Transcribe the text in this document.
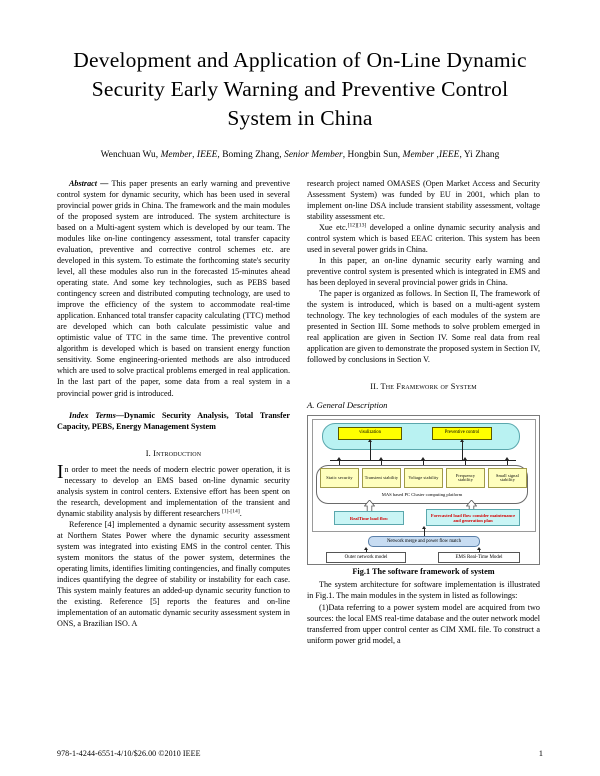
Development and Application of On-Line Dynamic Security Early Warning and Preventive Control System in China
Wenchuan Wu, Member, IEEE, Boming Zhang, Senior Member, Hongbin Sun, Member ,IEEE, Yi Zhang

Abstract — This paper presents an early warning and preventive control system for dynamic security, which has been used in several provincial power grids in China. The framework and the main modules of the proposed system are introduced. The system architecture is based on a Multi-agent system which is developed by our team. The modules like on-line contingency assessment, total transfer capacity evaluation, preventive and corrective control schemes etc. are developed in this system. To estimate the forthcoming state's security level, all these modules also run in the forecasted 15-minutes ahead operating state. And some key technologies, such as PEBS based contingency screen and distributed computing technology, are used to improve the efficiency of the system to accommodate real-time application. Enhanced total transfer capacity calculating (TTC) method are developed which can both calculate pessimistic value and optimistic value of TTC in the same time. The preventive control algorithm is developed which is based on transient energy function sensitivity. Some engineering-oriented methods are also introduced which are used to solve practical problems emerged in real application. In the last part of the paper, some data from a real system in a provincial power grid is introduced.

Index Terms—Dynamic Security Analysis, Total Transfer Capacity, PEBS, Energy Management System

I. Introduction

In order to meet the needs of modern electric power operation, it is necessary to develop an EMS based on-line dynamic security analysis system in control centers. Extensive effort has been spent on the research, development and implementation of the transient and dynamic stability analysis by different researchers [1]-[14].

Reference [4] implemented a dynamic security assessment system at Northern States Power where the dynamic security assessment system was integrated into existing EMS in the control center. This system monitors the status of the power system, determines the operating limits, identifies limiting contingencies, and finally computes indices quantifying the degree of stability or instability for each case. This system mainly features an added-up dynamic security function to the existing. Reference [5] reports the features and on-line implementation of an automatic dynamic security assessment system in ONS, a Brazilian ISO. A

research project named OMASES (Open Market Access and Security Assessment System) was funded by EU in 2001, which plan to implement on-line DSA include transient stability assessment, voltage stability assessment etc.

Xue etc.[12][13] developed a online dynamic security analysis and control system which is based EEAC criterion. This system has been used in several power grids in China.

In this paper, an on-line dynamic security early warning and preventive control system is presented which is integrated in EMS and has been deployed in several provincial power grids in China.

The paper is organized as follows. In Section II, The framework of the system is introduced, which is based on a multi-agent system technology. The key technologies of each modules of the system are presented in Section III. Some methods to solve problem emerged in real application are given in Section IV. Some real data from real application are given to demonstrate the proposed system in Section IV, followed by conclusions in Section V.

II. The Framework of System
A. General Description
visulization	Preventive control
Static security	Transient stability	Voltage stability	Frequency stability
Small signal stability
MAS based PC Cluster computing platform
RealTime load flow
Forecasted load flow consider maintenance and generation plan
Network merge and power flow match
Outer network model	EMS Real-Time Model
Fig.1 The software framework of system

The system architecture for software implementation is illustrated in Fig.1. The main modules in the system in listed as followings:

(1)Data referring to a power system model are acquired from two sources: the local EMS real-time database and the outer network model transferred from upper control center as CIM XML file. To construct a uniform power grid model, a

978-1-4244-6551-4/10/$26.00 ©2010 IEEE	1
